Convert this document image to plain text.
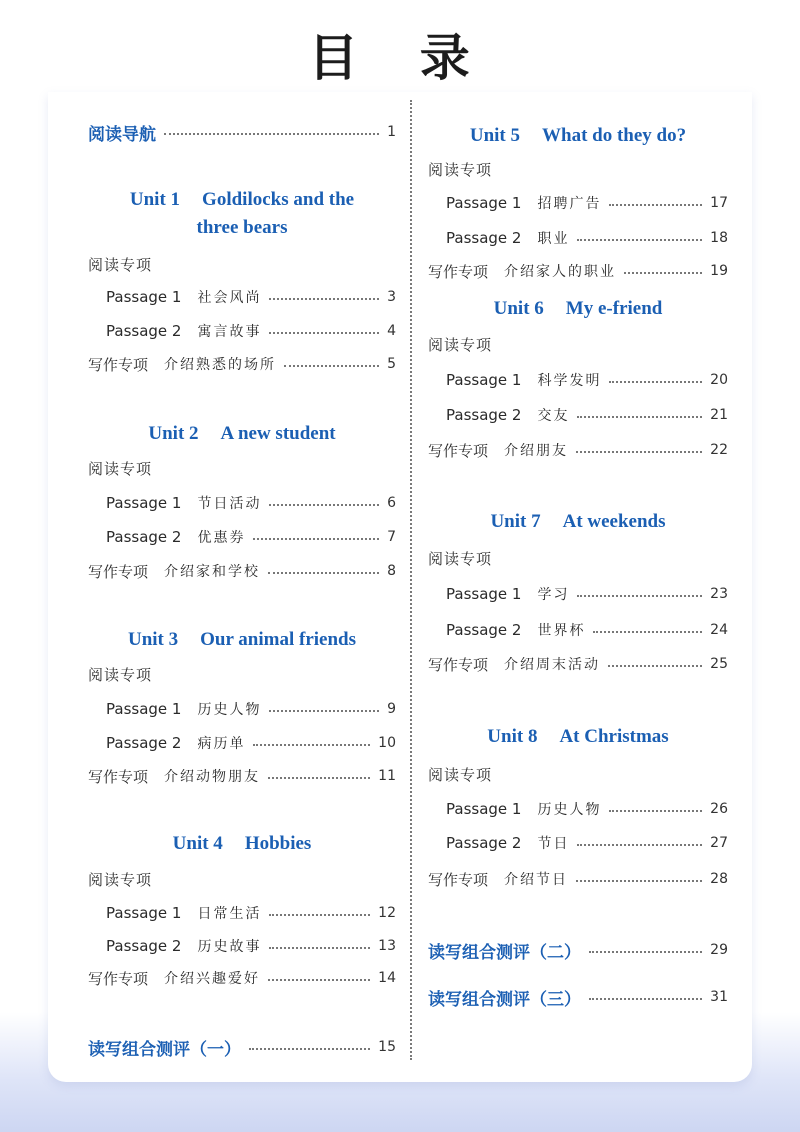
目 录
阅读导航	1
Unit 1 Goldilocks and the
three bears
阅读专项
Passage 1 社会风尚	3
Passage 2 寓言故事	4
写作专项 介绍熟悉的场所	5
Unit 2 A new student
阅读专项
Passage 1 节日活动	6
Passage 2 优惠券	7
写作专项 介绍家和学校	8
Unit 3 Our animal friends
阅读专项
Passage 1 历史人物	9
Passage 2 病历单	10
写作专项 介绍动物朋友	11
Unit 4 Hobbies
阅读专项
Passage 1 日常生活	12
Passage 2 历史故事	13
写作专项 介绍兴趣爱好	14
读写组合测评（一）	15
Unit 5 What do they do?
阅读专项
Passage 1 招聘广告	17
Passage 2 职业	18
写作专项 介绍家人的职业	19
Unit 6 My e-friend
阅读专项
Passage 1 科学发明	20
Passage 2 交友	21
写作专项 介绍朋友	22
Unit 7 At weekends
阅读专项
Passage 1 学习	23
Passage 2 世界杯	24
写作专项 介绍周末活动	25
Unit 8 At Christmas
阅读专项
Passage 1 历史人物	26
Passage 2 节日	27
写作专项 介绍节日	28
读写组合测评（二）	29
读写组合测评（三）	31
